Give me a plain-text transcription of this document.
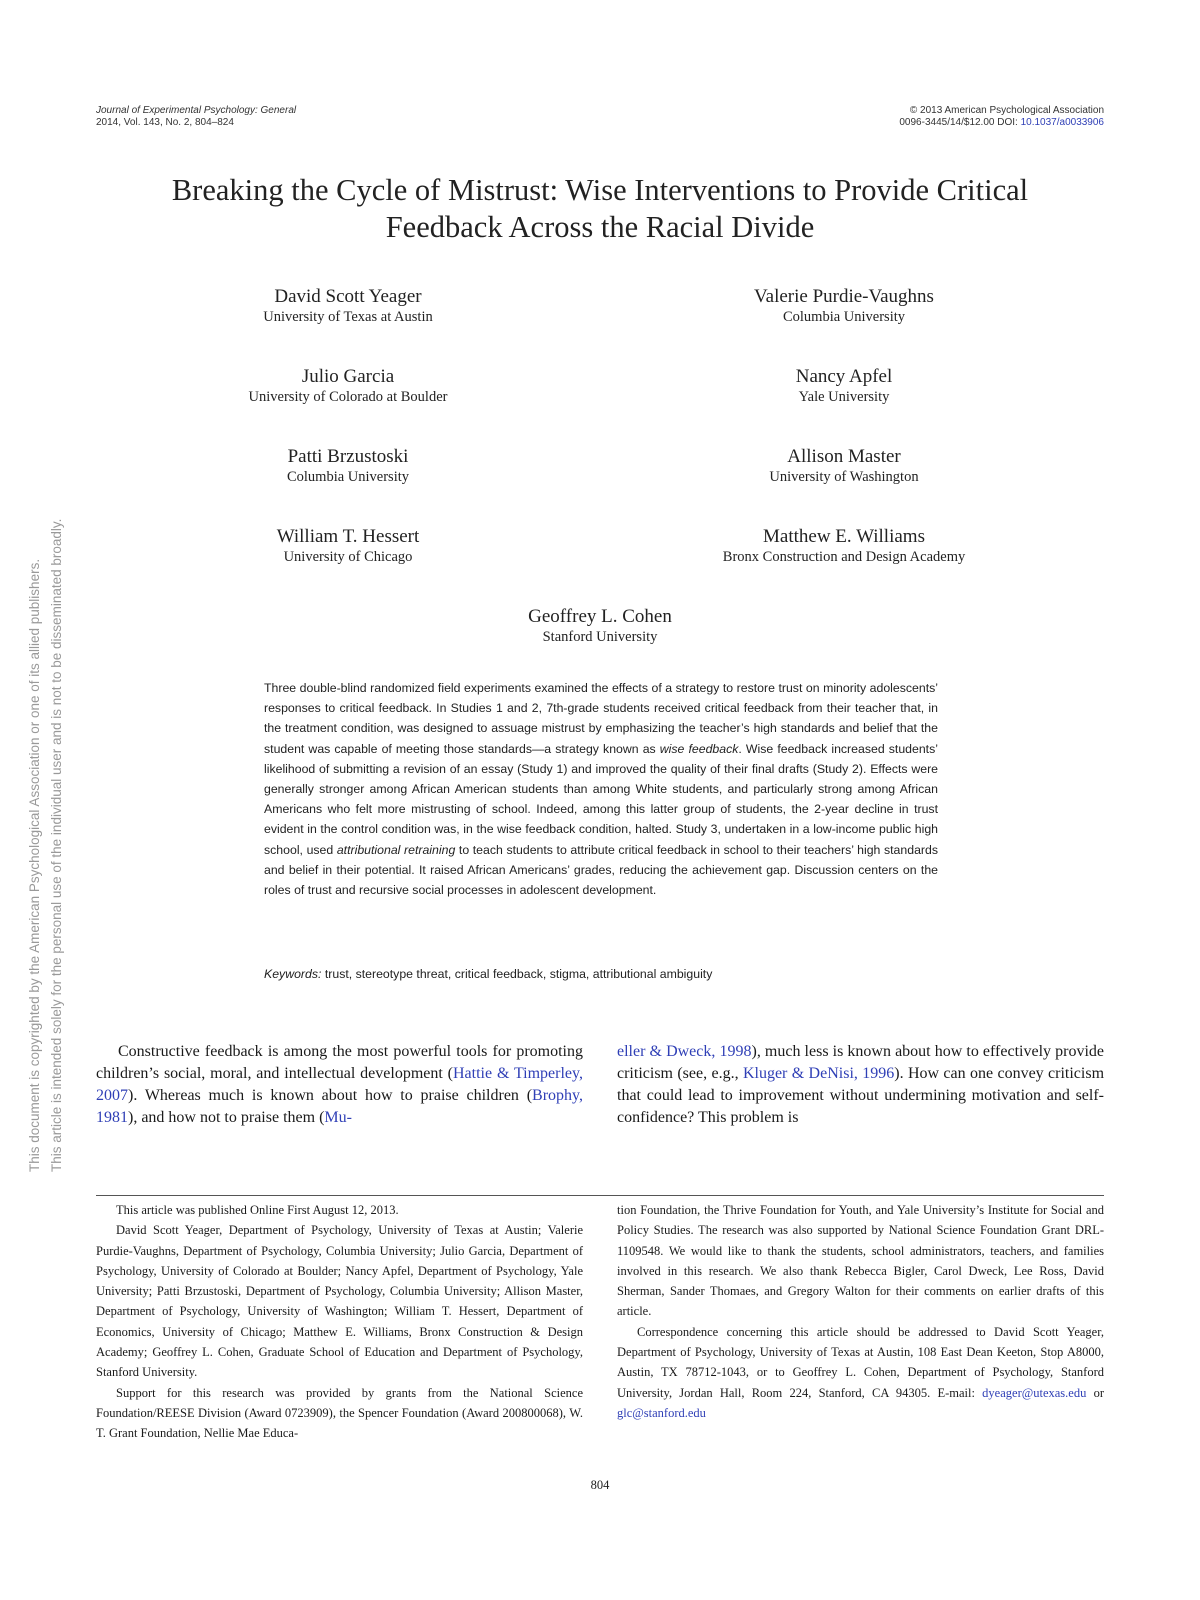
Journal of Experimental Psychology: General
2014, Vol. 143, No. 2, 804–824
© 2013 American Psychological Association
0096-3445/14/$12.00 DOI: 10.1037/a0033906
Breaking the Cycle of Mistrust: Wise Interventions to Provide Critical
Feedback Across the Racial Divide
David Scott Yeager
University of Texas at Austin
Valerie Purdie-Vaughns
Columbia University
Julio Garcia
University of Colorado at Boulder
Nancy Apfel
Yale University
Patti Brzustoski
Columbia University
Allison Master
University of Washington
William T. Hessert
University of Chicago
Matthew E. Williams
Bronx Construction and Design Academy
Geoffrey L. Cohen
Stanford University
Three double-blind randomized field experiments examined the effects of a strategy to restore trust on minority adolescents’ responses to critical feedback. In Studies 1 and 2, 7th-grade students received critical feedback from their teacher that, in the treatment condition, was designed to assuage mistrust by emphasizing the teacher’s high standards and belief that the student was capable of meeting those standards—a strategy known as wise feedback. Wise feedback increased students’ likelihood of submitting a revision of an essay (Study 1) and improved the quality of their final drafts (Study 2). Effects were generally stronger among African American students than among White students, and particularly strong among African Americans who felt more mistrusting of school. Indeed, among this latter group of students, the 2-year decline in trust evident in the control condition was, in the wise feedback condition, halted. Study 3, undertaken in a low-income public high school, used attributional retraining to teach students to attribute critical feedback in school to their teachers’ high standards and belief in their potential. It raised African Americans’ grades, reducing the achievement gap. Discussion centers on the roles of trust and recursive social processes in adolescent development.
Keywords: trust, stereotype threat, critical feedback, stigma, attributional ambiguity
Constructive feedback is among the most powerful tools for promoting children’s social, moral, and intellectual development (Hattie & Timperley, 2007). Whereas much is known about how to praise children (Brophy, 1981), and how not to praise them (Mu-
eller & Dweck, 1998), much less is known about how to effectively provide criticism (see, e.g., Kluger & DeNisi, 1996). How can one convey criticism that could lead to improvement without undermining motivation and self-confidence? This problem is

This article was published Online First August 12, 2013.

David Scott Yeager, Department of Psychology, University of Texas at Austin; Valerie Purdie-Vaughns, Department of Psychology, Columbia University; Julio Garcia, Department of Psychology, University of Colorado at Boulder; Nancy Apfel, Department of Psychology, Yale University; Patti Brzustoski, Department of Psychology, Columbia University; Allison Master, Department of Psychology, University of Washington; William T. Hessert, Department of Economics, University of Chicago; Matthew E. Williams, Bronx Construction & Design Academy; Geoffrey L. Cohen, Graduate School of Education and Department of Psychology, Stanford University.

Support for this research was provided by grants from the National Science Foundation/REESE Division (Award 0723909), the Spencer Foundation (Award 200800068), W. T. Grant Foundation, Nellie Mae Educa-

tion Foundation, the Thrive Foundation for Youth, and Yale University’s Institute for Social and Policy Studies. The research was also supported by National Science Foundation Grant DRL-1109548. We would like to thank the students, school administrators, teachers, and families involved in this research. We also thank Rebecca Bigler, Carol Dweck, Lee Ross, David Sherman, Sander Thomaes, and Gregory Walton for their comments on earlier drafts of this article.

Correspondence concerning this article should be addressed to David Scott Yeager, Department of Psychology, University of Texas at Austin, 108 East Dean Keeton, Stop A8000, Austin, TX 78712-1043, or to Geoffrey L. Cohen, Department of Psychology, Stanford University, Jordan Hall, Room 224, Stanford, CA 94305. E-mail: dyeager@utexas.edu or glc@stanford.edu

804
This document is copyrighted by the American Psychological Association or one of its allied publishers. This article is intended solely for the personal use of the individual user and is not to be disseminated broadly.
